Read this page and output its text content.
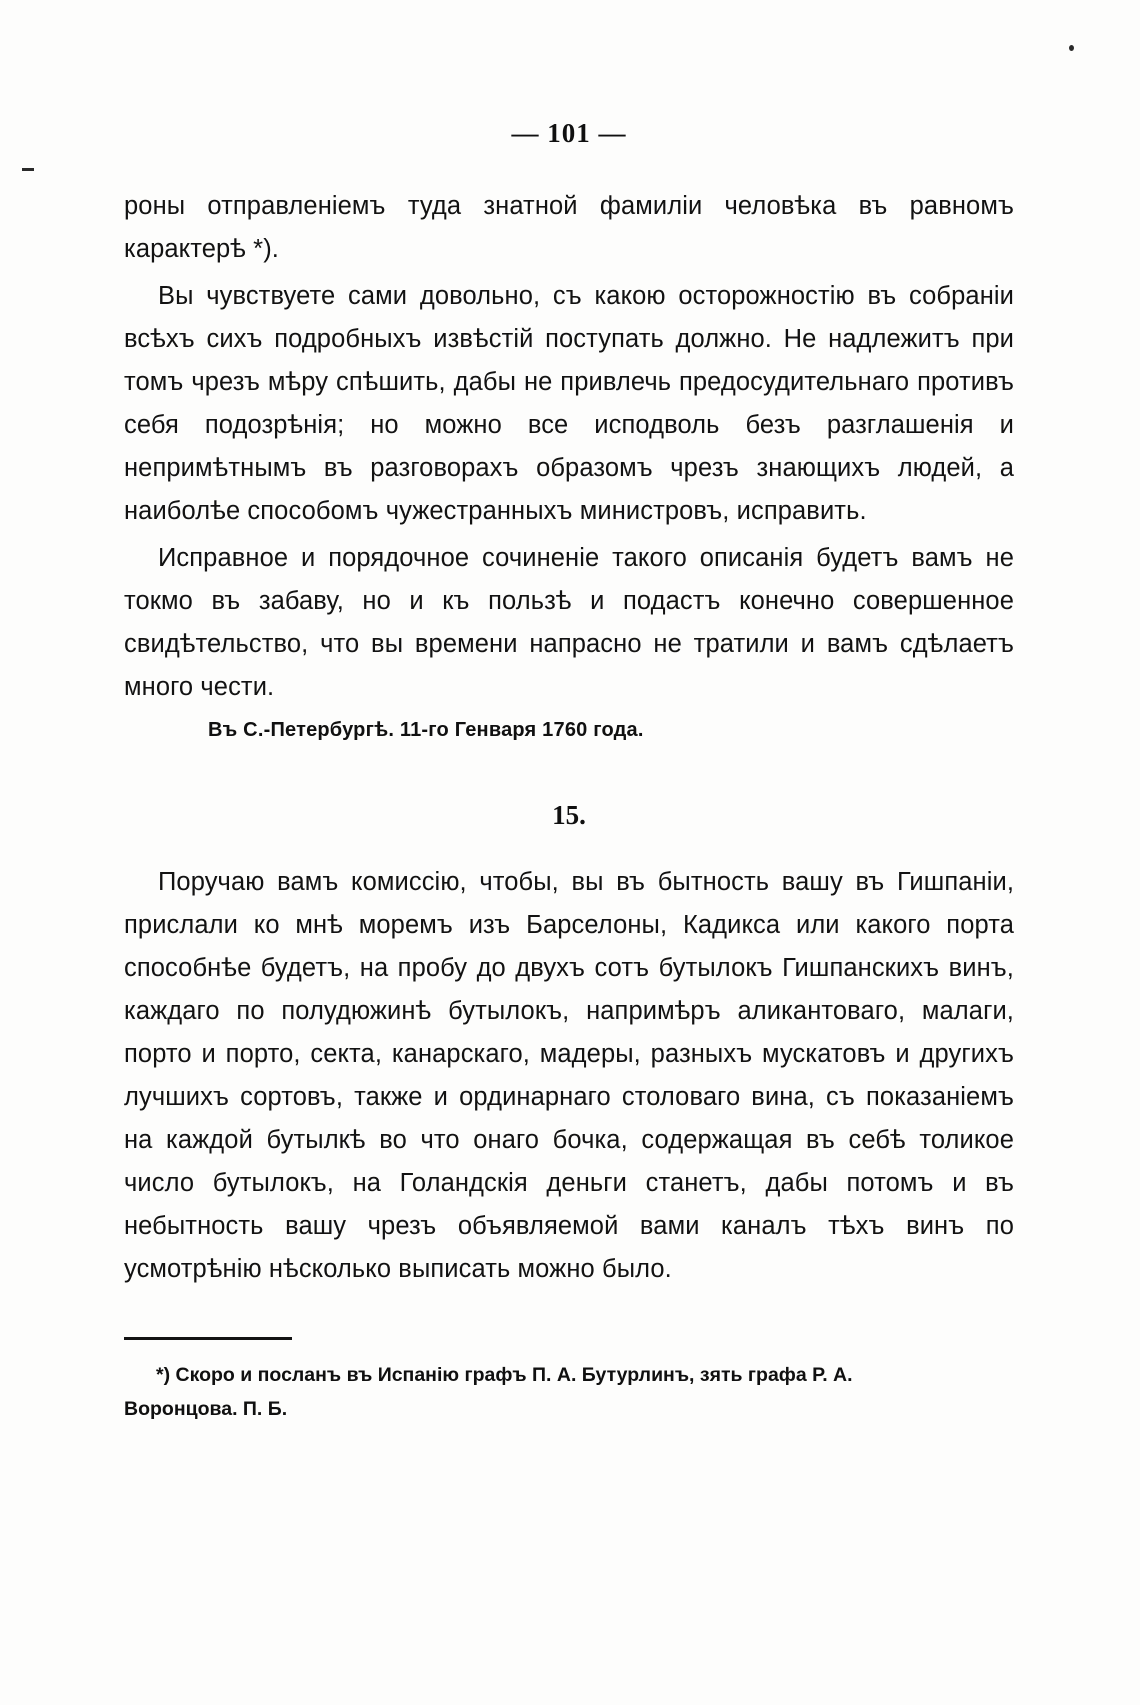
— 101 —

роны отправленіемъ туда знатной фамиліи человѣка въ равномъ карактерѣ *).

Вы чувствуете сами довольно, съ какою осторожностію въ собраніи всѣхъ сихъ подробныхъ извѣстій поступать должно. Не надлежитъ при томъ чрезъ мѣру спѣшить, дабы не привлечь предосудительнаго противъ себя подозрѣнія; но можно все исподволь безъ разглашенія и непримѣтнымъ въ разговорахъ образомъ чрезъ знающихъ людей, а наиболѣе способомъ чужестранныхъ министровъ, исправить.

Исправное и порядочное сочиненіе такого описанія будетъ вамъ не токмо въ забаву, но и къ пользѣ и подастъ конечно совершенное свидѣтельство, что вы времени напрасно не тратили и вамъ сдѣлаетъ много чести.

Въ С.-Петербургѣ. 11-го Генваря 1760 года.
15.

Поручаю вамъ комиссію, чтобы, вы въ бытность вашу въ Гишпаніи, прислали ко мнѣ моремъ изъ Барселоны, Кадикса или какого порта способнѣе будетъ, на пробу до двухъ сотъ бутылокъ Гишпанскихъ винъ, каждаго по полудюжинѣ бутылокъ, напримѣръ аликантоваго, малаги, порто и порто, секта, канарскаго, мадеры, разныхъ мускатовъ и другихъ лучшихъ сортовъ, также и ординарнаго столоваго вина, съ показаніемъ на каждой бутылкѣ во что онаго бочка, содержащая въ себѣ толикое число бутылокъ, на Голандскія деньги станетъ, дабы потомъ и въ небытность вашу чрезъ объявляемой вами каналъ тѣхъ винъ по усмотрѣнію нѣсколько выписать можно было.

*) Скоро и посланъ въ Испанію графъ П. А. Бутурлинъ, зять графа Р. А.
Воронцова. П. Б.
